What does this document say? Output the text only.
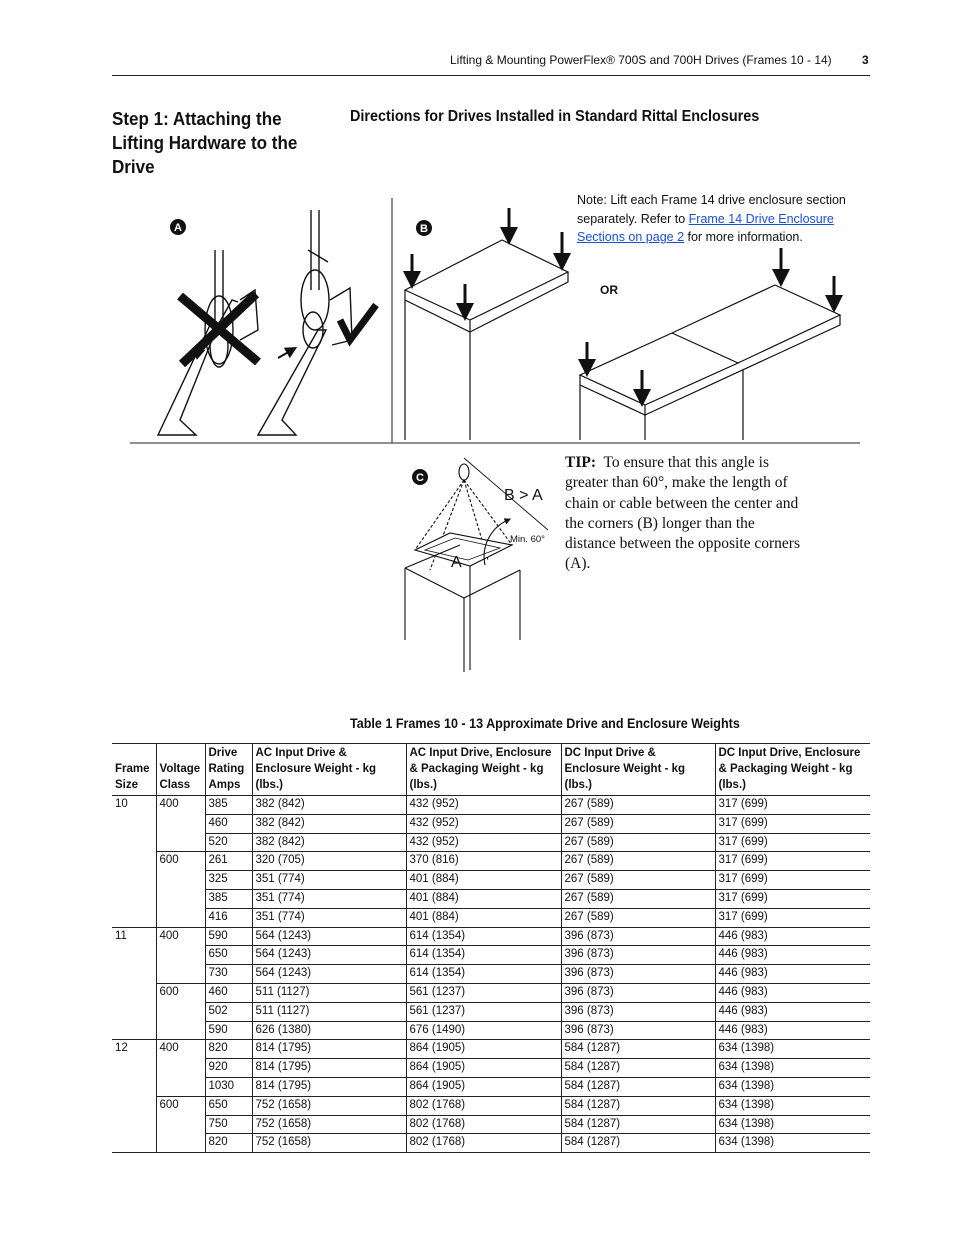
Lifting & Mounting PowerFlex® 700S and 700H Drives (Frames 10 - 14)	3
Step 1: Attaching the Lifting Hardware to the Drive
Directions for Drives Installed in Standard Rittal Enclosures
A	B
C
B > A
A
Min. 60°
Note: Lift each Frame 14 drive enclosure section separately. Refer to Frame 14 Drive Enclosure Sections on page 2 for more information.
OR
TIP: To ensure that this angle is greater than 60°, make the length of chain or cable between the center and the corners (B) longer than the distance between the opposite corners (A).
Table 1 Frames 10 - 13 Approximate Drive and Enclosure Weights
Frame Size	Voltage Class	Drive Rating Amps	AC Input Drive & Enclosure Weight - kg (lbs.)	AC Input Drive, Enclosure & Packaging Weight - kg (lbs.)	DC Input Drive & Enclosure Weight - kg (lbs.)	DC Input Drive, Enclosure & Packaging Weight - kg (lbs.)
10	400	385	382 (842)	432 (952)	267 (589)	317 (699)
		460	382 (842)	432 (952)	267 (589)	317 (699)
		520	382 (842)	432 (952)	267 (589)	317 (699)
	600	261	320 (705)	370 (816)	267 (589)	317 (699)
		325	351 (774)	401 (884)	267 (589)	317 (699)
		385	351 (774)	401 (884)	267 (589)	317 (699)
		416	351 (774)	401 (884)	267 (589)	317 (699)
11	400	590	564 (1243)	614 (1354)	396 (873)	446 (983)
		650	564 (1243)	614 (1354)	396 (873)	446 (983)
		730	564 (1243)	614 (1354)	396 (873)	446 (983)
	600	460	511 (1127)	561 (1237)	396 (873)	446 (983)
		502	511 (1127)	561 (1237)	396 (873)	446 (983)
		590	626 (1380)	676 (1490)	396 (873)	446 (983)
12	400	820	814 (1795)	864 (1905)	584 (1287)	634 (1398)
		920	814 (1795)	864 (1905)	584 (1287)	634 (1398)
		1030	814 (1795)	864 (1905)	584 (1287)	634 (1398)
	600	650	752 (1658)	802 (1768)	584 (1287)	634 (1398)
		750	752 (1658)	802 (1768)	584 (1287)	634 (1398)
		820	752 (1658)	802 (1768)	584 (1287)	634 (1398)
